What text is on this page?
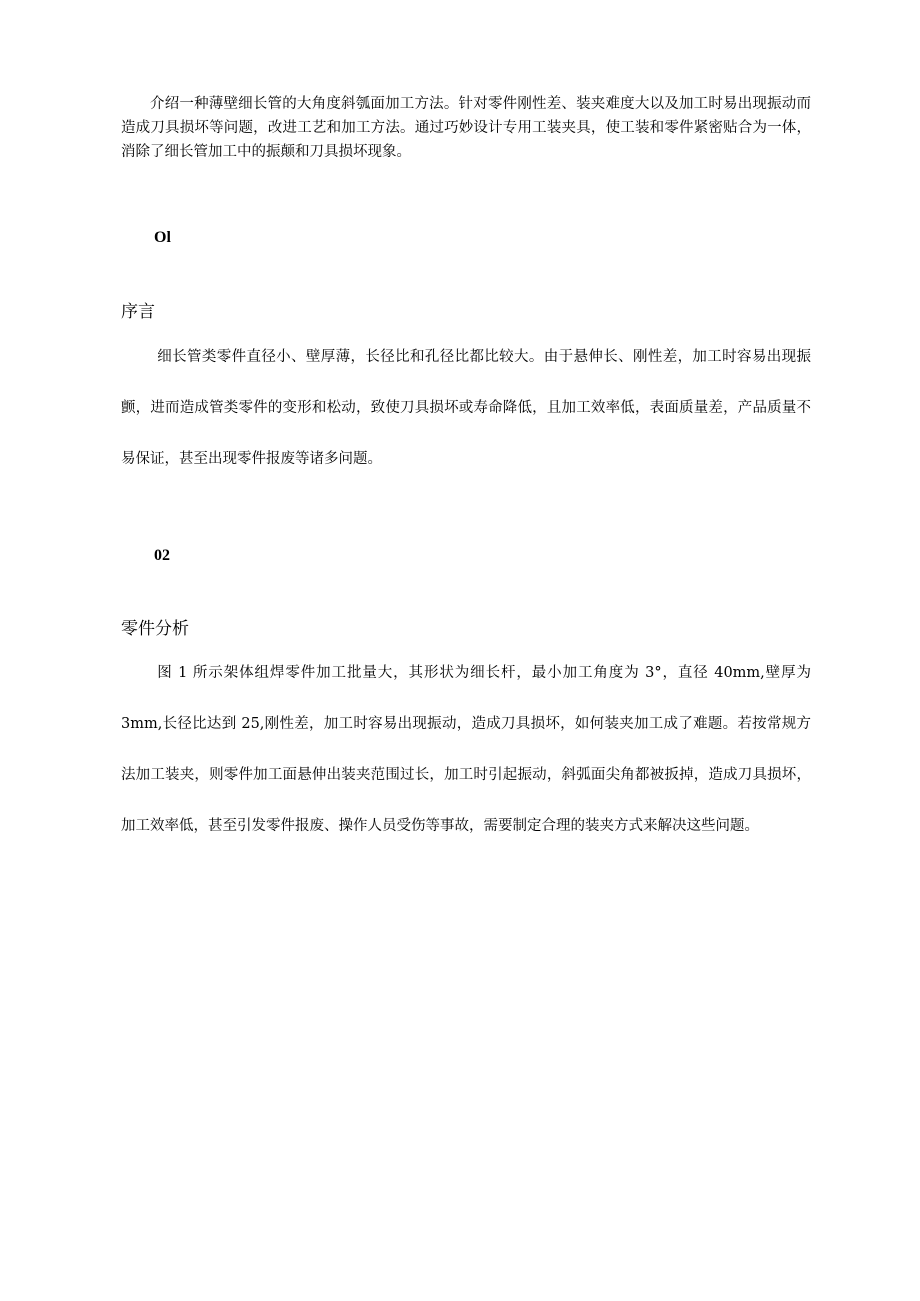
介绍一种薄壁细长管的大角度斜瓠面加工方法。针对零件刚性差、装夹难度大以及加工时易出现振动而造成刀具损坏等问题，改进工艺和加工方法。通过巧妙设计专用工装夹具，使工装和零件紧密贴合为一体，消除了细长管加工中的振颠和刀具损坏现象。

Ol
序言

细长管类零件直径小、壁厚薄，长径比和孔径比都比较大。由于悬伸长、刚性差，加工时容易出现振颤，进而造成管类零件的变形和松动，致使刀具损坏或寿命降低，且加工效率低，表面质量差，产品质量不易保证，甚至出现零件报废等诸多问题。

02
零件分析

图 1 所示架体组焊零件加工批量大，其形状为细长杆，最小加工角度为 3°，直径 40mm,壁厚为3mm,长径比达到 25,刚性差，加工时容易出现振动，造成刀具损坏，如何装夹加工成了难题。若按常规方法加工装夹，则零件加工面悬伸出装夹范围过长，加工时引起振动，斜弧面尖角都被扳掉，造成刀具损坏，加工效率低，甚至引发零件报废、操作人员受伤等事故，需要制定合理的装夹方式来解决这些问题。
